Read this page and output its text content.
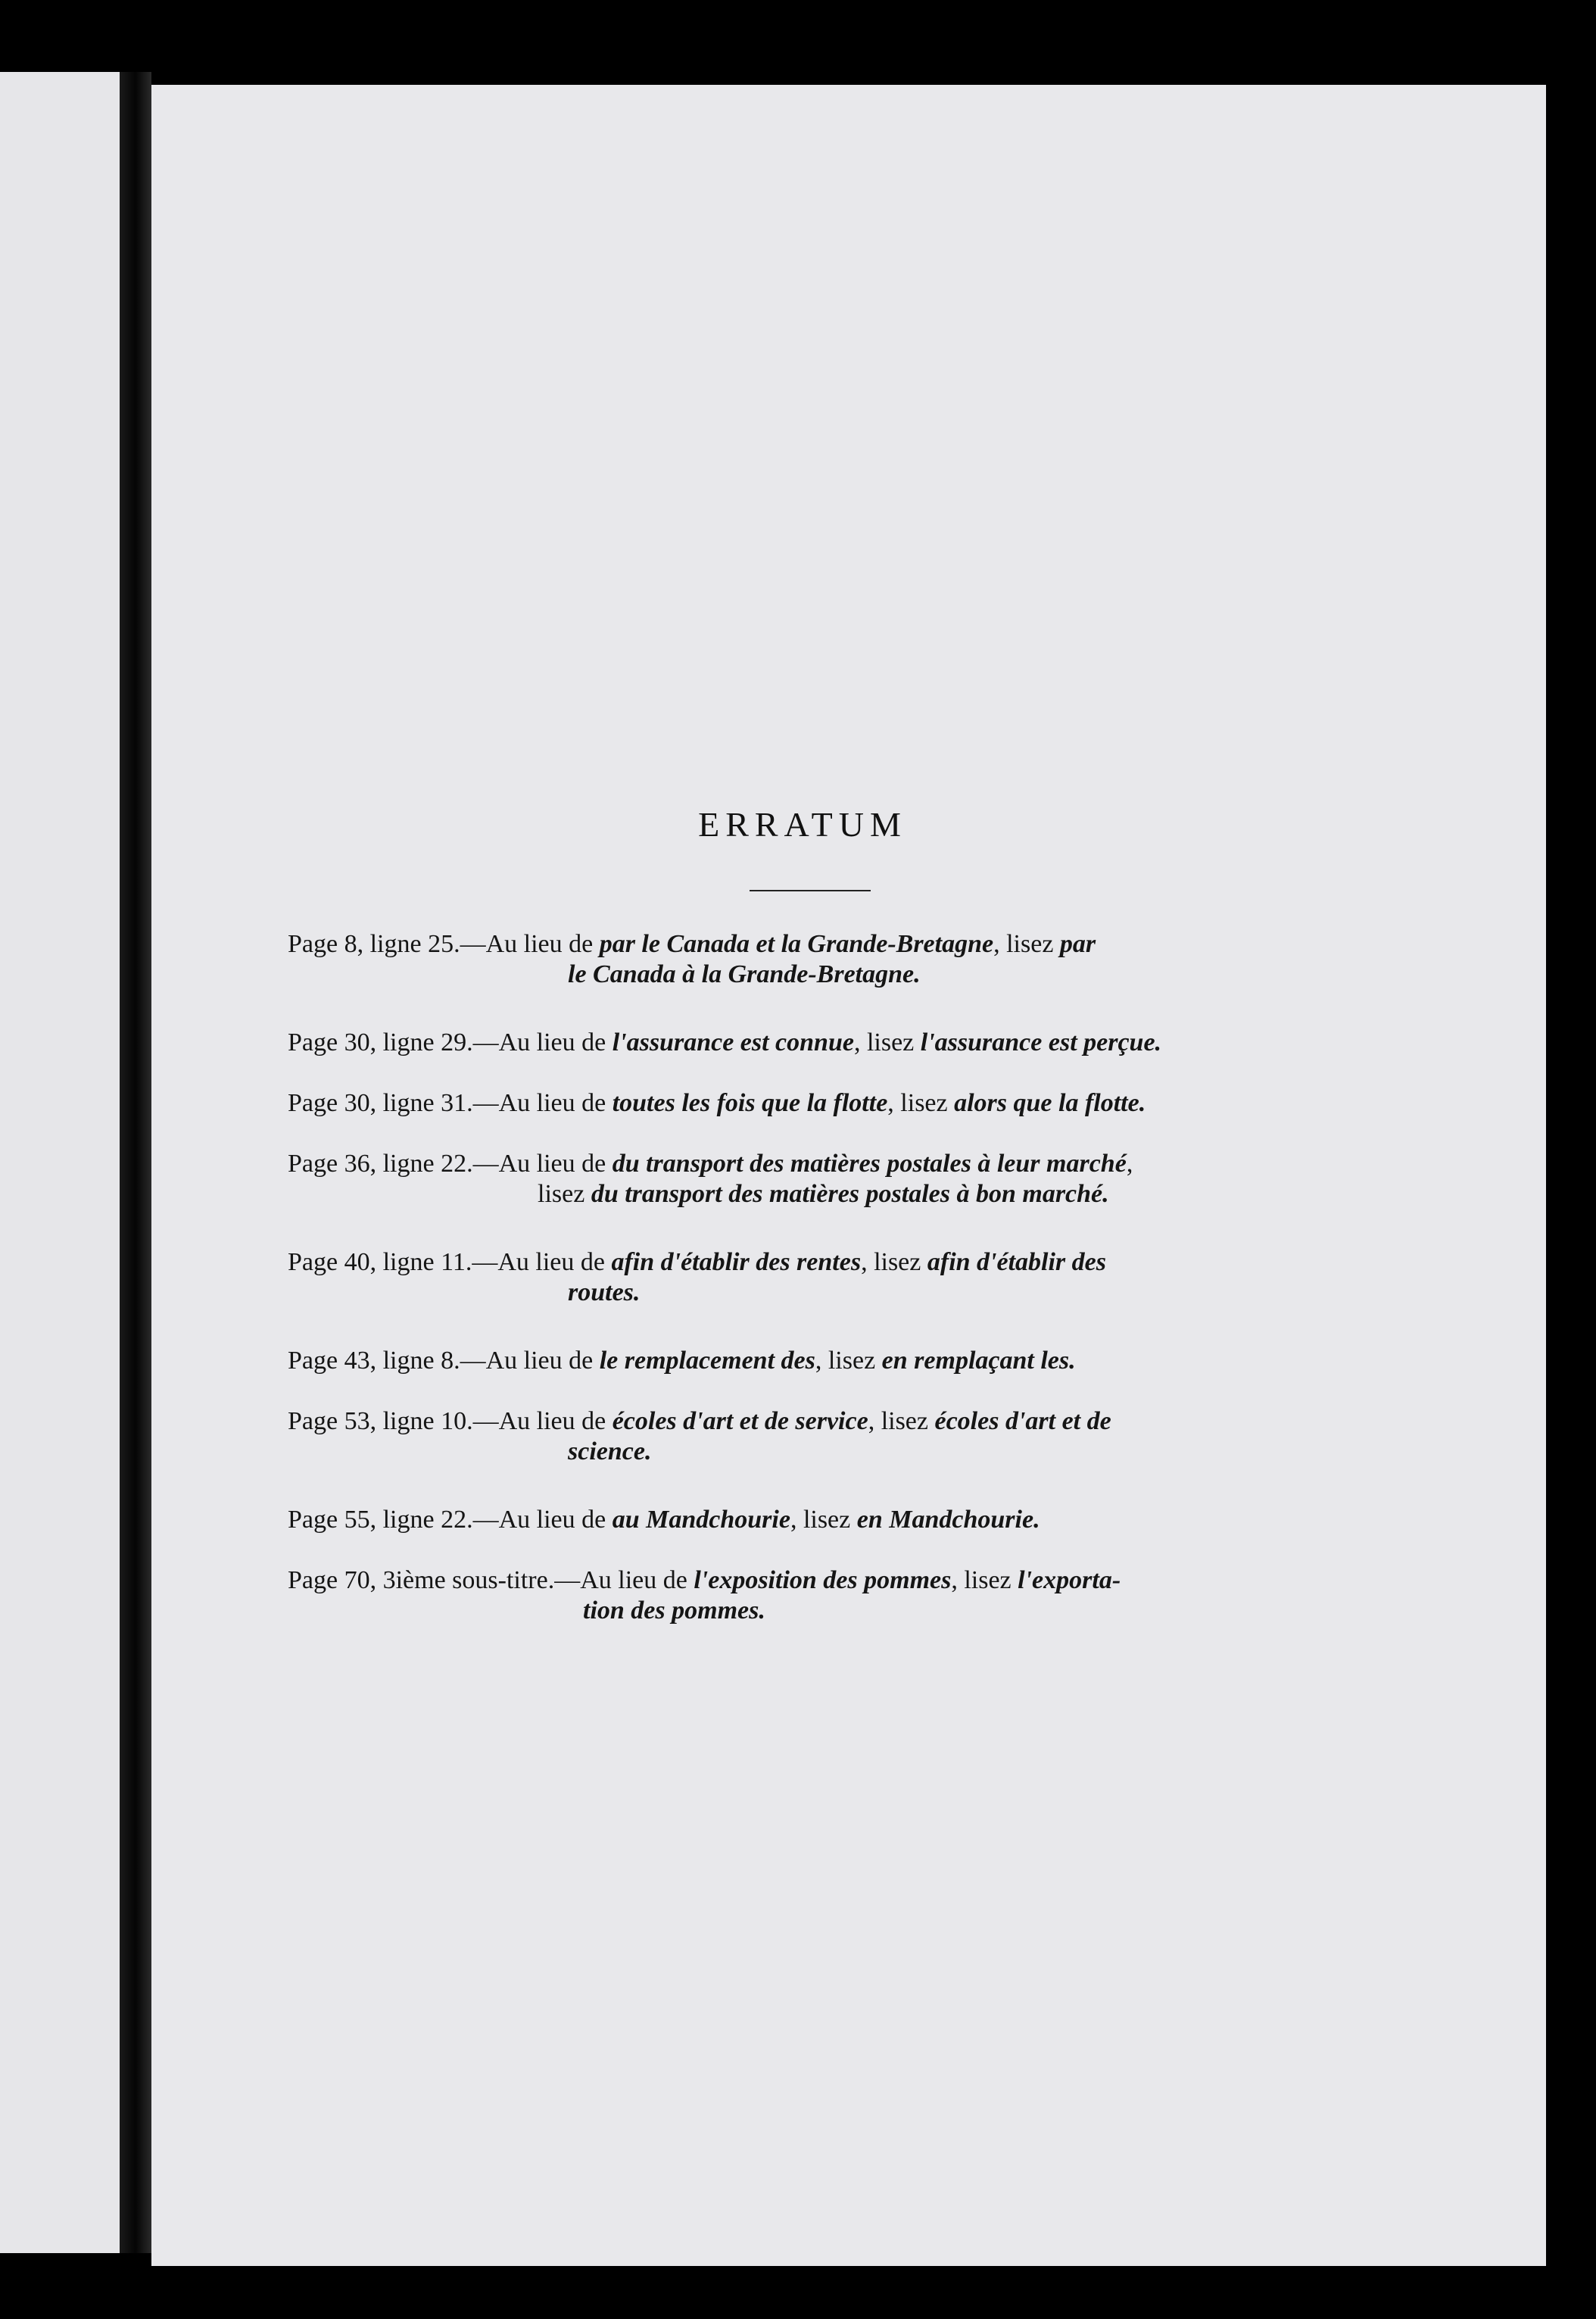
ERRATUM
Page 8, ligne 25.—Au lieu de par le Canada et la Grande-Bretagne, lisez par
le Canada à la Grande-Bretagne.
Page 30, ligne 29.—Au lieu de l'assurance est connue, lisez l'assurance est perçue.
Page 30, ligne 31.—Au lieu de toutes les fois que la flotte, lisez alors que la flotte.
Page 36, ligne 22.—Au lieu de du transport des matières postales à leur marché,
lisez du transport des matières postales à bon marché.
Page 40, ligne 11.—Au lieu de afin d'établir des rentes, lisez afin d'établir des
routes.
Page 43, ligne 8.—Au lieu de le remplacement des, lisez en remplaçant les.
Page 53, ligne 10.—Au lieu de écoles d'art et de service, lisez écoles d'art et de
science.
Page 55, ligne 22.—Au lieu de au Mandchourie, lisez en Mandchourie.
Page 70, 3ième sous-titre.—Au lieu de l'exposition des pommes, lisez l'exporta-
tion des pommes.
